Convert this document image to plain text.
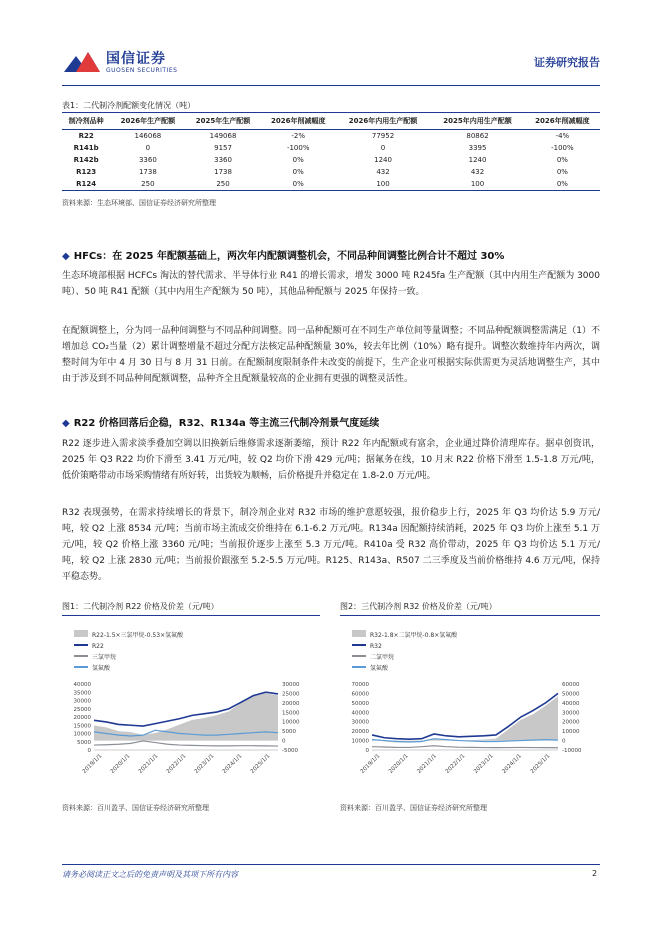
国信证券
GUOSEN SECURITIES
证券研究报告
表1：二代制冷剂配额变化情况（吨）
制冷剂品种	2026年生产配额	2025年生产配额	2026年削减幅度	2026年内用生产配额	2025年内用生产配额	2026年削减幅度
R22	146068	149068	-2%	77952	80862	-4%
R141b	0	9157	-100%	0	3395	-100%
R142b	3360	3360	0%	1240	1240	0%
R123	1738	1738	0%	432	432	0%
R124	250	250	0%	100	100	0%
资料来源：生态环境部、国信证券经济研究所整理
◆ HFCs：在 2025 年配额基础上，两次年内配额调整机会，不同品种间调整比例合计不超过 30%
生态环境部根据 HCFCs 淘汰的替代需求、半导体行业 R41 的增长需求，增发 3000 吨 R245fa 生产配额（其中内用生产配额为 3000 吨）、50 吨 R41 配额（其中内用生产配额为 50 吨），其他品种配额与 2025 年保持一致。
在配额调整上，分为同一品种间调整与不同品种间调整。同一品种配额可在不同生产单位间等量调整；不同品种配额调整需满足（1）不增加总 CO₂当量（2）累计调整增量不超过分配方法核定品种配额量 30%，较去年比例（10%）略有提升。调整次数维持年内两次，调整时间为年中 4 月 30 日与 8 月 31 日前。在配额制度限制条件未改变的前提下，生产企业可根据实际供需更为灵活地调整生产，其中由于涉及到不同品种间配额调整，品种齐全且配额量较高的企业拥有更强的调整灵活性。
◆ R22 价格回落后企稳，R32、R134a 等主流三代制冷剂景气度延续
R22 逐步进入需求淡季叠加空调以旧换新后维修需求逐渐萎缩，预计 R22 年内配额或有富余，企业通过降价清理库存。据卓创资讯，2025 年 Q3 R22 均价下滑至 3.41 万元/吨，较 Q2 均价下滑 429 元/吨；据氟务在线，10 月末 R22 价格下滑至 1.5-1.8 万元/吨，低价策略带动市场采购情绪有所好转，出货较为顺畅，后价格提升并稳定在 1.8-2.0 万元/吨。
R32 表现强势，在需求持续增长的背景下，制冷剂企业对 R32 市场的维护意愿较强，报价稳步上行，2025 年 Q3 均价达 5.9 万元/吨，较 Q2 上涨 8534 元/吨；当前市场主流成交价维持在 6.1-6.2 万元/吨。R134a 因配额持续消耗，2025 年 Q3 均价上涨至 5.1 万元/吨，较 Q2 价格上涨 3360 元/吨；当前报价逐步上涨至 5.3 万元/吨。R410a 受 R32 高价带动，2025 年 Q3 均价达 5.1 万元/吨，较 Q2 上涨 2830 元/吨；当前报价跟涨至 5.2-5.5 万元/吨。R125、R143a、R507 二三季度及当前价格维持 4.6 万元/吨，保持平稳态势。
图1：二代制冷剂 R22 价格及价差（元/吨）	图2：三代制冷剂 R32 价格及价差（元/吨）
R22-1.5×三氯甲烷-0.53×氢氟酸
R22
三氯甲烷
氢氟酸
40000
35000
30000
25000
20000
15000
10000
5000
0
30000
25000
20000
15000
10000
5000
0
-5000
2019/1/1 2020/1/1 2021/1/1 2022/1/1 2023/1/1 2024/1/1 2025/1/1
R32-1.8×二氯甲烷-0.8×氢氟酸
R32
二氯甲烷
氢氟酸
70000
60000
50000
40000
30000
20000
10000
0
60000
50000
40000
30000
20000
10000
0
-10000
2019/1/1 2020/1/1 2021/1/1 2022/1/1 2023/1/1 2024/1/1 2025/1/1
资料来源：百川盈孚、国信证券经济研究所整理	资料来源：百川盈孚、国信证券经济研究所整理
请务必阅读正文之后的免责声明及其项下所有内容	2
